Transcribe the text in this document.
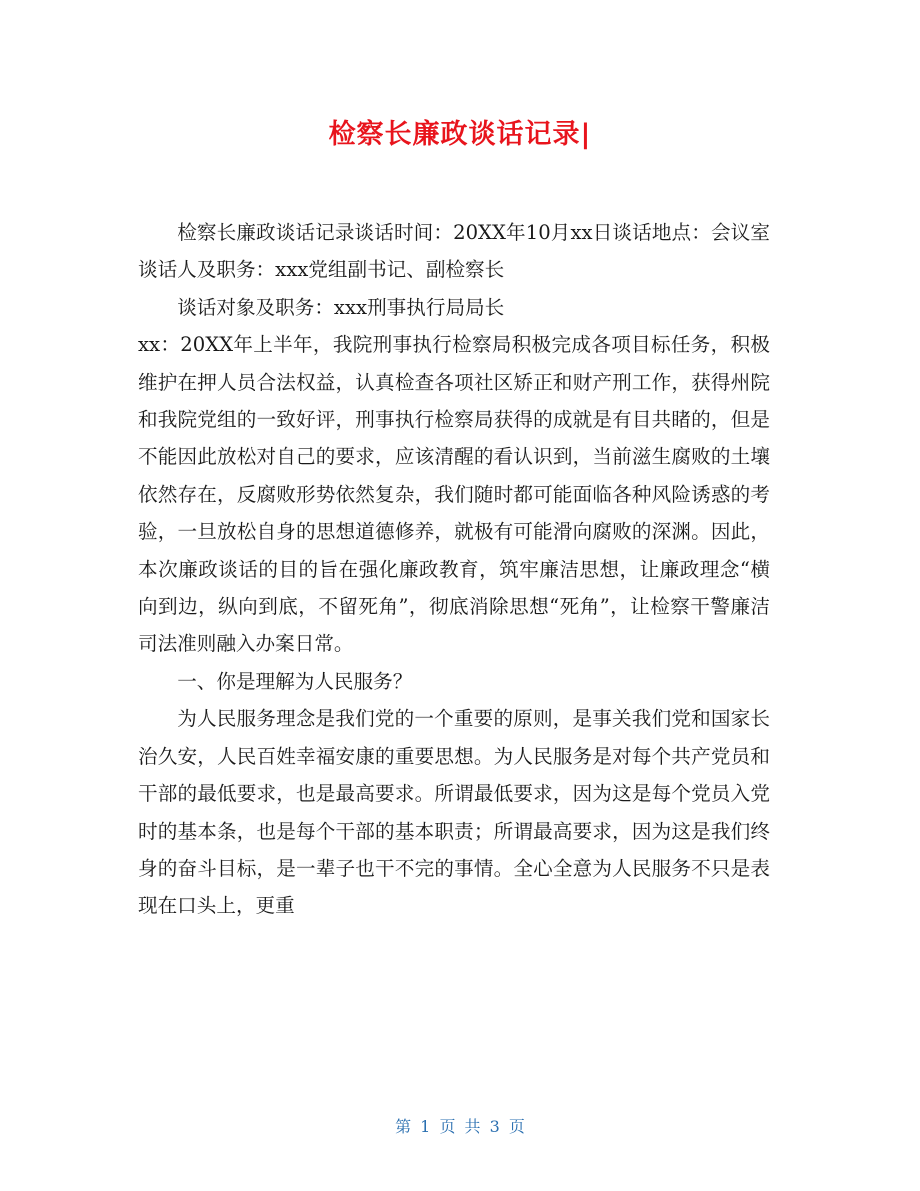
检察长廉政谈话记录|

检察长廉政谈话记录谈话时间：20XX年10月xx日谈话地点：会议室　谈话人及职务：xxx党组副书记、副检察长

谈话对象及职务：xxx刑事执行局局长

xx：20XX年上半年，我院刑事执行检察局积极完成各项目标任务，积极维护在押人员合法权益，认真检查各项社区矫正和财产刑工作，获得州院和我院党组的一致好评，刑事执行检察局获得的成就是有目共睹的，但是不能因此放松对自己的要求，应该清醒的看认识到，当前滋生腐败的土壤依然存在，反腐败形势依然复杂，我们随时都可能面临各种风险诱惑的考验，一旦放松自身的思想道德修养，就极有可能滑向腐败的深渊。因此，本次廉政谈话的目的旨在强化廉政教育，筑牢廉洁思想，让廉政理念“横向到边，纵向到底，不留死角”，彻底消除思想“死角”，让检察干警廉洁司法准则融入办案日常。

一、你是理解为人民服务？

为人民服务理念是我们党的一个重要的原则，是事关我们党和国家长治久安，人民百姓幸福安康的重要思想。为人民服务是对每个共产党员和干部的最低要求，也是最高要求。所谓最低要求，因为这是每个党员入党时的基本条，也是每个干部的基本职责；所谓最高要求，因为这是我们终身的奋斗目标，是一辈子也干不完的事情。全心全意为人民服务不只是表现在口头上，更重

第 1 页 共 3 页
